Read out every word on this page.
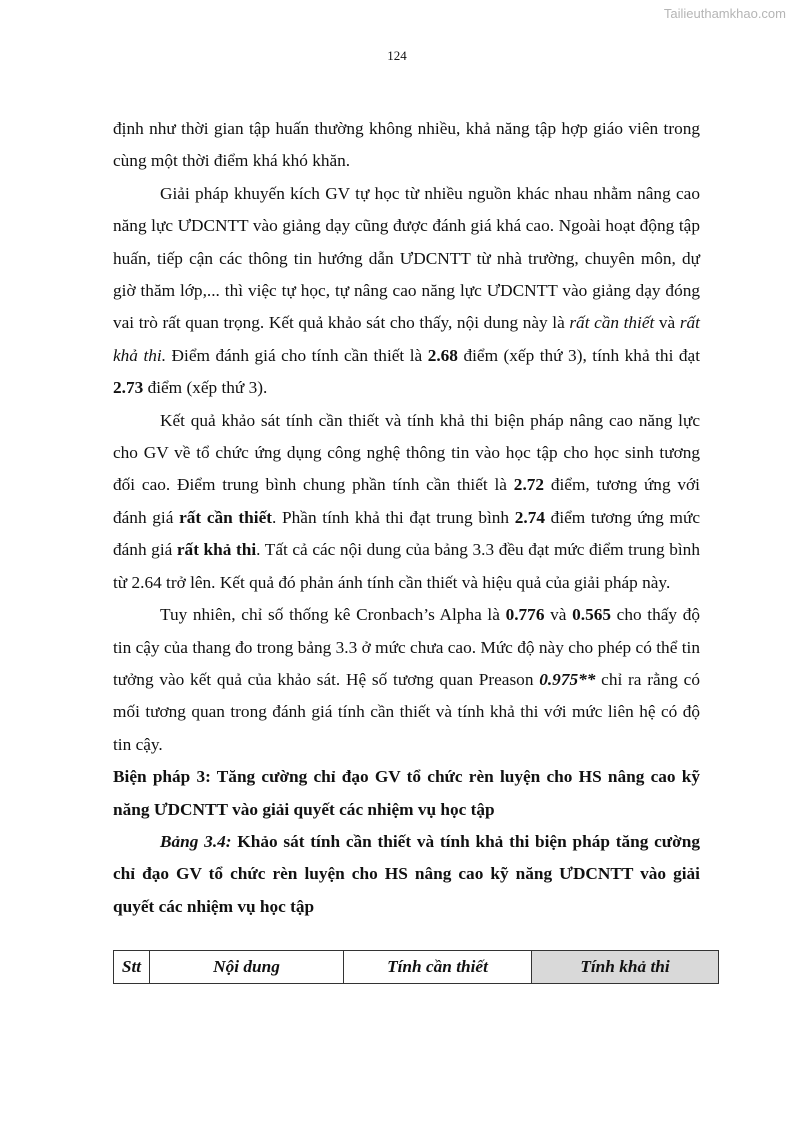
Tailieuthamkhao.com
124

định như thời gian tập huấn thường không nhiều, khả năng tập hợp giáo viên trong cùng một thời điểm khá khó khăn.

Giải pháp khuyến kích GV tự học từ nhiều nguồn khác nhau nhằm nâng cao năng lực ƯDCNTT vào giảng dạy cũng được đánh giá khá cao. Ngoài hoạt động tập huấn, tiếp cận các thông tin hướng dẫn ƯDCNTT từ nhà trường, chuyên môn, dự giờ thăm lớp,... thì việc tự học, tự nâng cao năng lực ƯDCNTT vào giảng dạy đóng vai trò rất quan trọng. Kết quả khảo sát cho thấy, nội dung này là rất cần thiết và rất khả thi. Điểm đánh giá cho tính cần thiết là 2.68 điểm (xếp thứ 3), tính khả thi đạt 2.73 điểm (xếp thứ 3).

Kết quả khảo sát tính cần thiết và tính khả thi biện pháp nâng cao năng lực cho GV về tổ chức ứng dụng công nghệ thông tin vào học tập cho học sinh tương đối cao. Điểm trung bình chung phần tính cần thiết là 2.72 điểm, tương ứng với đánh giá rất cần thiết. Phần tính khả thi đạt trung bình 2.74 điểm tương ứng mức đánh giá rất khả thi. Tất cả các nội dung của bảng 3.3 đều đạt mức điểm trung bình từ 2.64 trở lên. Kết quả đó phản ánh tính cần thiết và hiệu quả của giải pháp này.

Tuy nhiên, chỉ số thống kê Cronbach’s Alpha là 0.776 và 0.565 cho thấy độ tin cậy của thang đo trong bảng 3.3 ở mức chưa cao. Mức độ này cho phép có thể tin tưởng vào kết quả của khảo sát. Hệ số tương quan Preason 0.975** chỉ ra rằng có mối tương quan trong đánh giá tính cần thiết và tính khả thi với mức liên hệ có độ tin cậy.

Biện pháp 3: Tăng cường chỉ đạo GV tổ chức rèn luyện cho HS nâng cao kỹ năng ƯDCNTT vào giải quyết các nhiệm vụ học tập

Bảng 3.4: Khảo sát tính cần thiết và tính khả thi biện pháp tăng cường chỉ đạo GV tổ chức rèn luyện cho HS nâng cao kỹ năng ƯDCNTT vào giải quyết các nhiệm vụ học tập

Stt	Nội dung	Tính cần thiết	Tính khả thi
